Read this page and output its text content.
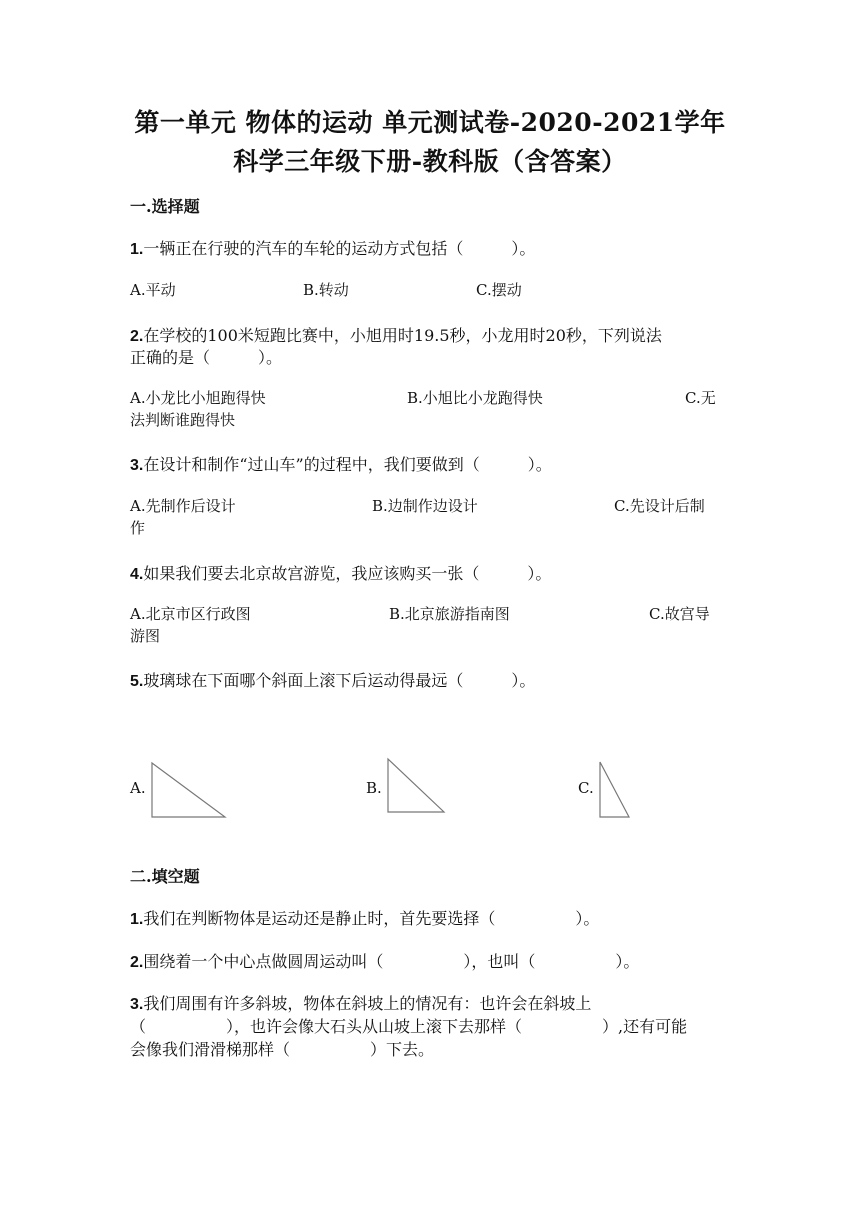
第一单元 物体的运动 单元测试卷-2020-2021学年
科学三年级下册-教科版（含答案）
一.选择题
1.一辆正在行驶的汽车的车轮的运动方式包括（　　　）。
A.平动	B.转动	C.摆动
2.在学校的100米短跑比赛中，小旭用时19.5秒，小龙用时20秒，下列说法
正确的是（　　　）。
A.小龙比小旭跑得快	B.小旭比小龙跑得快	C.无
法判断谁跑得快
3.在设计和制作“过山车”的过程中，我们要做到（　　　）。
A.先制作后设计	B.边制作边设计	C.先设计后制
作
4.如果我们要去北京故宫游览，我应该购买一张（　　　）。
A.北京市区行政图	B.北京旅游指南图	C.故宫导
游图
5.玻璃球在下面哪个斜面上滚下后运动得最远（　　　）。
A.	B.	C.
二.填空题
1.我们在判断物体是运动还是静止时，首先要选择（　　　　　）。
2.围绕着一个中心点做圆周运动叫（　　　　　），也叫（　　　　　）。
3.我们周围有许多斜坡，物体在斜坡上的情况有：也许会在斜坡上
（　　　　　），也许会像大石头从山坡上滚下去那样（　　　　　）,还有可能
会像我们滑滑梯那样（　　　　　）下去。
